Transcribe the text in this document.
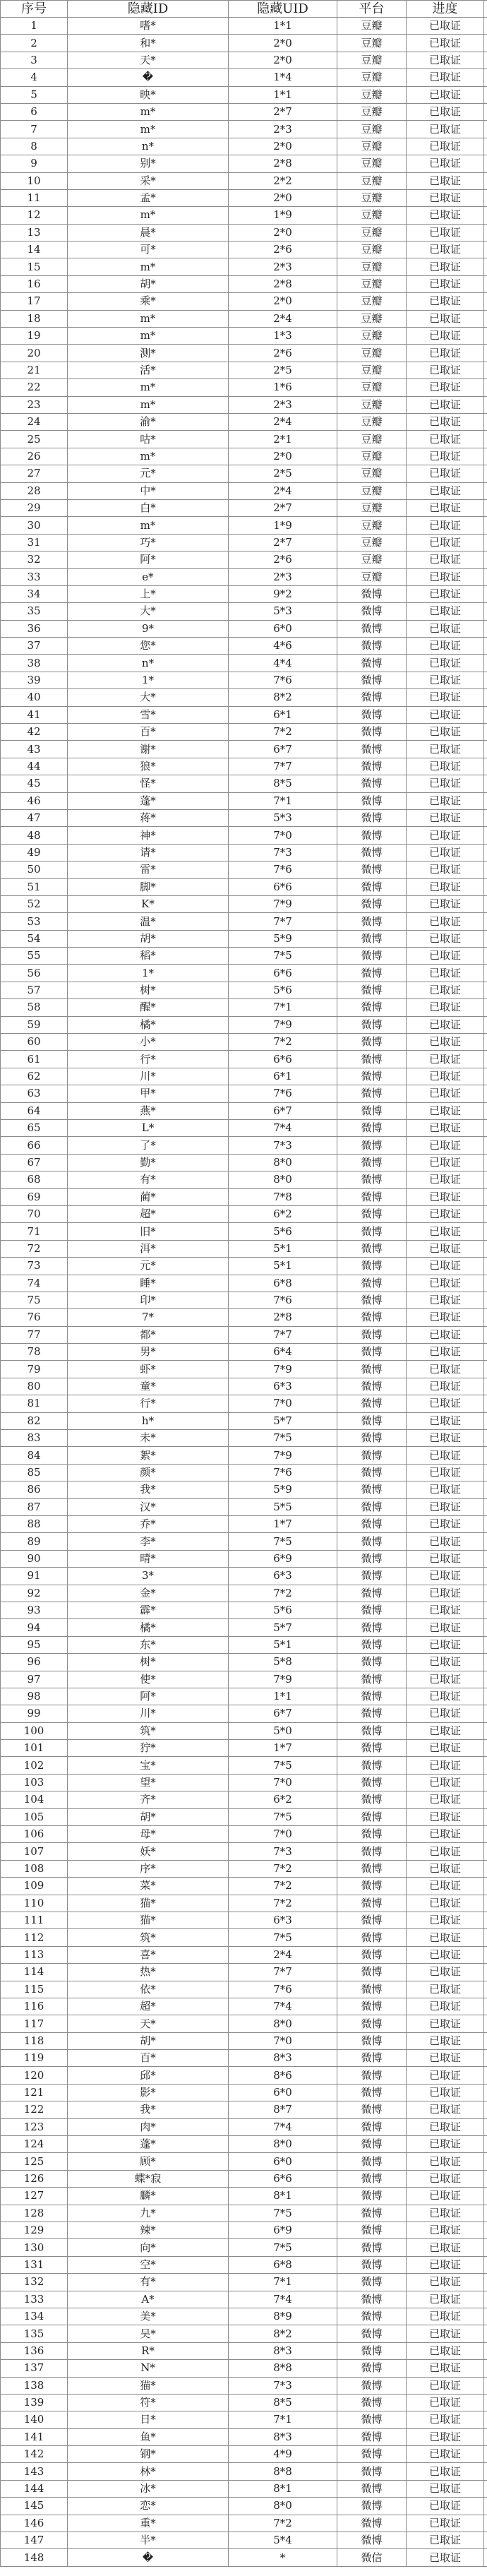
序号	隐藏ID	隐藏UID	平台	进度
1	嗜*	1*1	豆瓣	已取证
2	和*	2*0	豆瓣	已取证
3	天*	2*0	豆瓣	已取证
4	�	1*4	豆瓣	已取证
5	映*	1*1	豆瓣	已取证
6	m*	2*7	豆瓣	已取证
7	m*	2*3	豆瓣	已取证
8	n*	2*0	豆瓣	已取证
9	别*	2*8	豆瓣	已取证
10	采*	2*2	豆瓣	已取证
11	孟*	2*0	豆瓣	已取证
12	m*	1*9	豆瓣	已取证
13	晨*	2*0	豆瓣	已取证
14	可*	2*6	豆瓣	已取证
15	m*	2*3	豆瓣	已取证
16	胡*	2*8	豆瓣	已取证
17	乘*	2*0	豆瓣	已取证
18	m*	2*4	豆瓣	已取证
19	m*	1*3	豆瓣	已取证
20	测*	2*6	豆瓣	已取证
21	活*	2*5	豆瓣	已取证
22	m*	1*6	豆瓣	已取证
23	m*	2*3	豆瓣	已取证
24	渝*	2*4	豆瓣	已取证
25	咕*	2*1	豆瓣	已取证
26	m*	2*0	豆瓣	已取证
27	元*	2*5	豆瓣	已取证
28	中*	2*4	豆瓣	已取证
29	白*	2*7	豆瓣	已取证
30	m*	1*9	豆瓣	已取证
31	巧*	2*7	豆瓣	已取证
32	阿*	2*6	豆瓣	已取证
33	e*	2*3	豆瓣	已取证
34	上*	9*2	微博	已取证
35	大*	5*3	微博	已取证
36	9*	6*0	微博	已取证
37	您*	4*6	微博	已取证
38	n*	4*4	微博	已取证
39	1*	7*6	微博	已取证
40	大*	8*2	微博	已取证
41	雪*	6*1	微博	已取证
42	百*	7*2	微博	已取证
43	谢*	6*7	微博	已取证
44	狼*	7*7	微博	已取证
45	怪*	8*5	微博	已取证
46	蓬*	7*1	微博	已取证
47	蒋*	5*3	微博	已取证
48	神*	7*0	微博	已取证
49	请*	7*3	微博	已取证
50	雷*	7*6	微博	已取证
51	脚*	6*6	微博	已取证
52	K*	7*9	微博	已取证
53	温*	7*7	微博	已取证
54	胡*	5*9	微博	已取证
55	稻*	7*5	微博	已取证
56	1*	6*6	微博	已取证
57	树*	5*6	微博	已取证
58	醒*	7*1	微博	已取证
59	橘*	7*9	微博	已取证
60	小*	7*2	微博	已取证
61	行*	6*6	微博	已取证
62	川*	6*1	微博	已取证
63	甲*	7*6	微博	已取证
64	燕*	6*7	微博	已取证
65	L*	7*4	微博	已取证
66	了*	7*3	微博	已取证
67	勤*	8*0	微博	已取证
68	有*	8*0	微博	已取证
69	蔺*	7*8	微博	已取证
70	超*	6*2	微博	已取证
71	旧*	5*6	微博	已取证
72	洱*	5*1	微博	已取证
73	元*	5*1	微博	已取证
74	睡*	6*8	微博	已取证
75	印*	7*6	微博	已取证
76	7*	2*8	微博	已取证
77	都*	7*7	微博	已取证
78	男*	6*4	微博	已取证
79	虾*	7*9	微博	已取证
80	童*	6*3	微博	已取证
81	行*	7*0	微博	已取证
82	h*	5*7	微博	已取证
83	未*	7*5	微博	已取证
84	絮*	7*9	微博	已取证
85	颜*	7*6	微博	已取证
86	我*	5*9	微博	已取证
87	汉*	5*5	微博	已取证
88	乔*	1*7	微博	已取证
89	李*	7*5	微博	已取证
90	晴*	6*9	微博	已取证
91	3*	6*3	微博	已取证
92	金*	7*2	微博	已取证
93	霹*	5*6	微博	已取证
94	橘*	5*7	微博	已取证
95	东*	5*1	微博	已取证
96	树*	5*8	微博	已取证
97	使*	7*9	微博	已取证
98	阿*	1*1	微博	已取证
99	川*	6*7	微博	已取证
100	筑*	5*0	微博	已取证
101	狞*	1*7	微博	已取证
102	宝*	7*5	微博	已取证
103	望*	7*0	微博	已取证
104	齐*	6*2	微博	已取证
105	胡*	7*5	微博	已取证
106	母*	7*0	微博	已取证
107	妖*	7*3	微博	已取证
108	序*	7*2	微博	已取证
109	菜*	7*2	微博	已取证
110	猫*	7*2	微博	已取证
111	猫*	6*3	微博	已取证
112	筑*	7*5	微博	已取证
113	喜*	2*4	微博	已取证
114	热*	7*7	微博	已取证
115	依*	7*6	微博	已取证
116	超*	7*4	微博	已取证
117	天*	8*0	微博	已取证
118	胡*	7*0	微博	已取证
119	百*	8*3	微博	已取证
120	邱*	8*6	微博	已取证
121	影*	6*0	微博	已取证
122	我*	8*7	微博	已取证
123	肉*	7*4	微博	已取证
124	蓬*	8*0	微博	已取证
125	顾*	6*0	微博	已取证
126	蝶*寂	6*6	微博	已取证
127	麟*	8*1	微博	已取证
128	九*	7*5	微博	已取证
129	辣*	6*9	微博	已取证
130	向*	7*5	微博	已取证
131	空*	6*8	微博	已取证
132	有*	7*1	微博	已取证
133	A*	7*4	微博	已取证
134	美*	8*9	微博	已取证
135	吴*	8*2	微博	已取证
136	R*	8*3	微博	已取证
137	N*	8*8	微博	已取证
138	猫*	7*3	微博	已取证
139	符*	8*5	微博	已取证
140	日*	7*1	微博	已取证
141	鱼*	8*3	微博	已取证
142	钢*	4*9	微博	已取证
143	林*	8*8	微博	已取证
144	冰*	8*1	微博	已取证
145	恋*	8*0	微博	已取证
146	重*	7*2	微博	已取证
147	半*	5*4	微博	已取证
148	�	*	微信	已取证
